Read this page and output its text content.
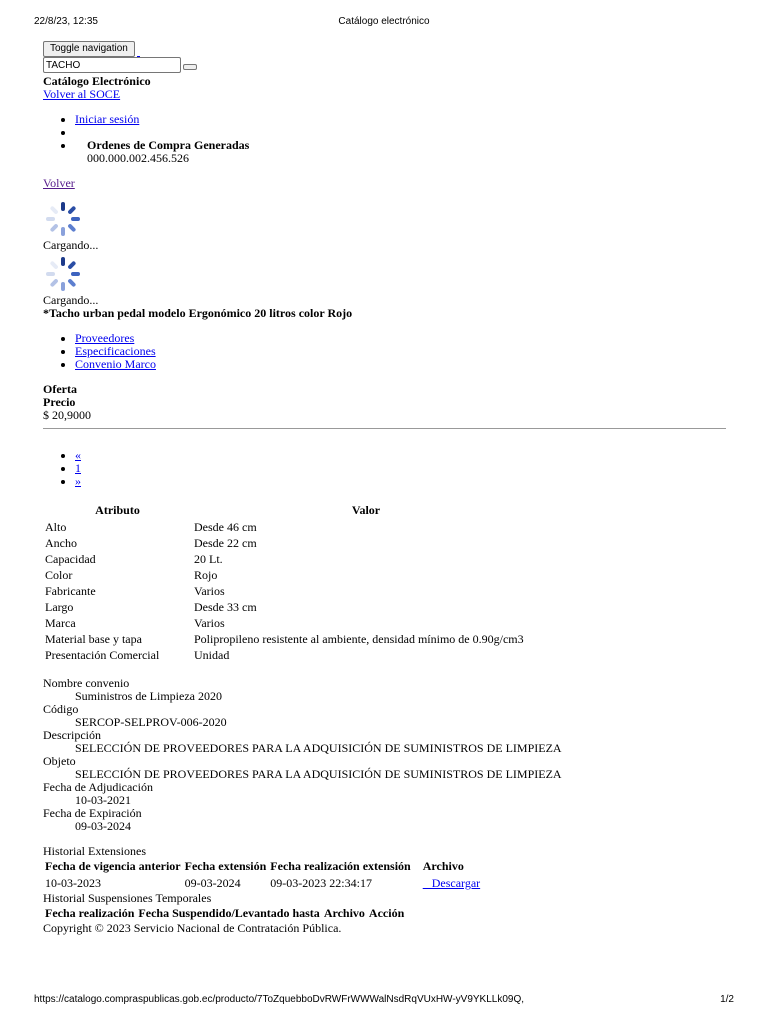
22/8/23, 12:35	Catálogo electrónico
Toggle navigation
TACHO
Catálogo Electrónico
Volver al SOCE
• Iniciar sesión
•
• Ordenes de Compra Generadas
000.000.002.456.526
Volver
Cargando...
Cargando...
*Tacho urban pedal modelo Ergonómico 20 litros color Rojo
• Proveedores
• Especificaciones
• Convenio Marco
Oferta
Precio
$ 20,9000
• «
• 1
• »
Atributo	Valor
Alto	Desde 46 cm
Ancho	Desde 22 cm
Capacidad	20 Lt.
Color	Rojo
Fabricante	Varios
Largo	Desde 33 cm
Marca	Varios
Material base y tapa	Polipropileno resistente al ambiente, densidad mínimo de 0.90g/cm3
Presentación Comercial	Unidad
Nombre convenio
Suministros de Limpieza 2020
Código
SERCOP-SELPROV-006-2020
Descripción
SELECCIÓN DE PROVEEDORES PARA LA ADQUISICIÓN DE SUMINISTROS DE LIMPIEZA
Objeto
SELECCIÓN DE PROVEEDORES PARA LA ADQUISICIÓN DE SUMINISTROS DE LIMPIEZA
Fecha de Adjudicación
10-03-2021
Fecha de Expiración
09-03-2024
Historial Extensiones
Fecha de vigencia anterior	Fecha extensión	Fecha realización extensión	Archivo
10-03-2023	09-03-2024	09-03-2023 22:34:17	Descargar
Historial Suspensiones Temporales
Fecha realización	Fecha Suspendido/Levantado hasta	Archivo	Acción
Copyright © 2023 Servicio Nacional de Contratación Pública.
https://catalogo.compraspublicas.gob.ec/producto/7ToZquebboDvRWFrWWWalNsdRqVUxHW-yV9YKLLk09Q,	1/2
